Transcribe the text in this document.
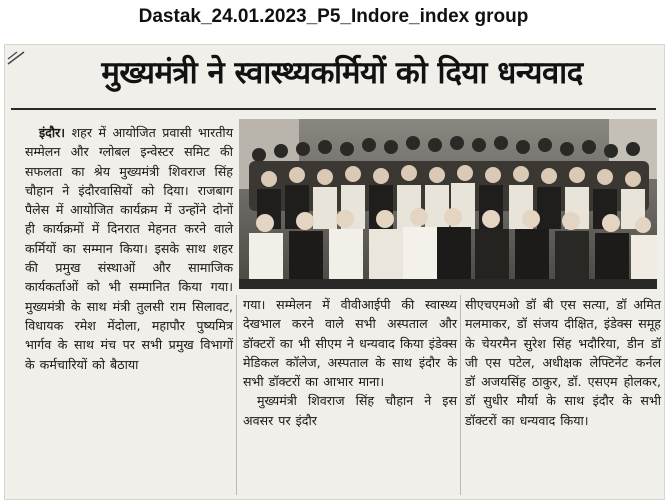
Dastak_24.01.2023_P5_Indore_index group
मुख्यमंत्री ने स्वास्थ्यकर्मियों को दिया धन्यवाद

इंदौर। शहर में आयोजित प्रवासी भारतीय सम्मेलन और ग्लोबल इन्वेस्टर समिट की सफलता का श्रेय मुख्यमंत्री शिवराज सिंह चौहान ने इंदौरवासियों को दिया। राजबाग पैलेस में आयोजित कार्यक्रम में उन्होंने दोनों ही कार्यक्रमों में दिनरात मेहनत करने वाले कर्मियों का सम्मान किया। इसके साथ शहर की प्रमुख संस्थाओं और सामाजिक कार्यकर्ताओं को भी सम्मानित किया गया। मुख्यमंत्री के साथ मंत्री तुलसी राम सिलावट, विधायक रमेश मेंदोला, महापौर पुष्यमित्र भार्गव के साथ मंच पर सभी प्रमुख विभागों के कर्मचारियों को बैठाया

गया। सम्मेलन में वीवीआईपी की स्वास्थ्य देखभाल करने वाले सभी अस्पताल और डॉक्टरों का भी सीएम ने धन्यवाद किया इंडेक्स मेडिकल कॉलेज, अस्पताल के साथ इंदौर के सभी डॉक्टरों का आभार माना।

मुख्यमंत्री शिवराज सिंह चौहान ने इस अवसर पर इंदौर

सीएचएमओ डॉ बी एस सत्या, डॉ अमित मलमाकर, डॉ संजय दीक्षित, इंडेक्स समूह के चेयरमैन सुरेश सिंह भदौरिया, डीन डॉ जी एस पटेल, अधीक्षक लेफ्टिनेंट कर्नल डॉ अजयसिंह ठाकुर, डॉ. एसएम होलकर, डॉ सुधीर मौर्या के साथ इंदौर के सभी डॉक्टरों का धन्यवाद किया।
